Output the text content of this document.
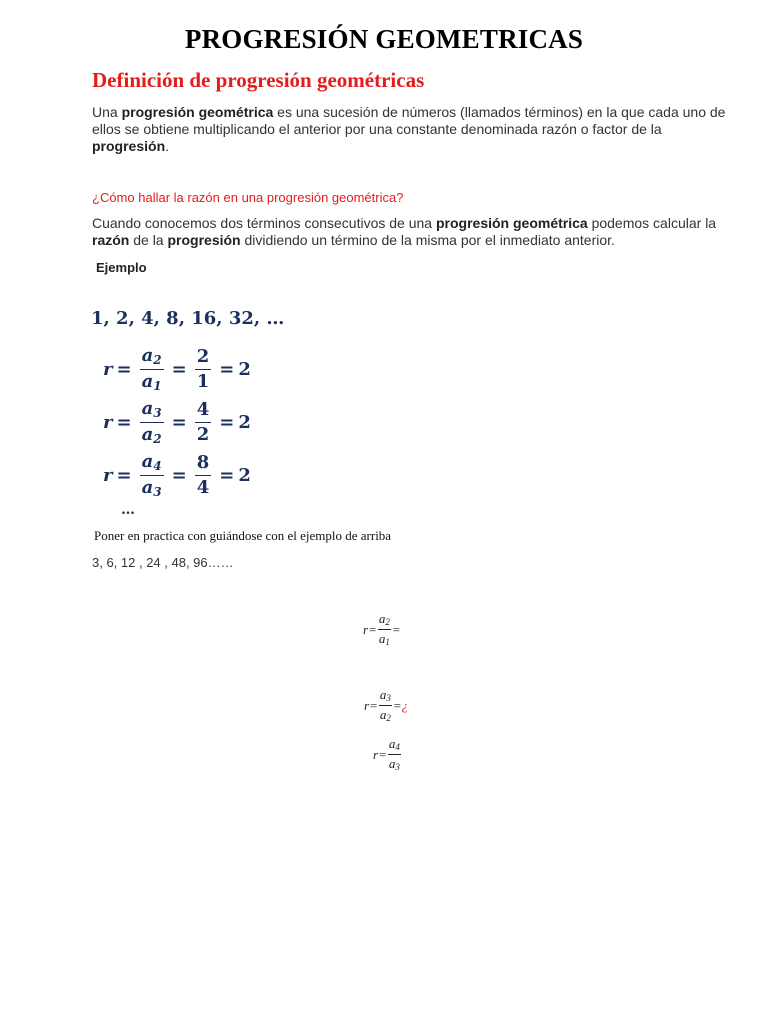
PROGRESIÓN GEOMETRICAS
Definición de progresión geométricas
Una progresión geométrica es una sucesión de números (llamados términos) en la que cada uno de ellos se obtiene multiplicando el anterior por una constante denominada razón o factor de la progresión.
¿Cómo hallar la razón en una progresión geométrica?
Cuando conocemos dos términos consecutivos de una progresión geométrica podemos calcular la razón de la progresión dividiendo un término de la misma por el inmediato anterior.
Ejemplo
1, 2, 4, 8, 16, 32, …
$r = \frac{a_2}{a_1} = \frac{2}{1} = 2$
$r = \frac{a_3}{a_2} = \frac{4}{2} = 2$
$r = \frac{a_4}{a_3} = \frac{8}{4} = 2$
…
Poner en practica con guiándose con el ejemplo de arriba
3, 6, 12 , 24 , 48, 96……
$r = \frac{a_2}{a_1}$ =
$r = \frac{a_3}{a_2}$ = ¿
$r = \frac{a_4}{a_3}$
